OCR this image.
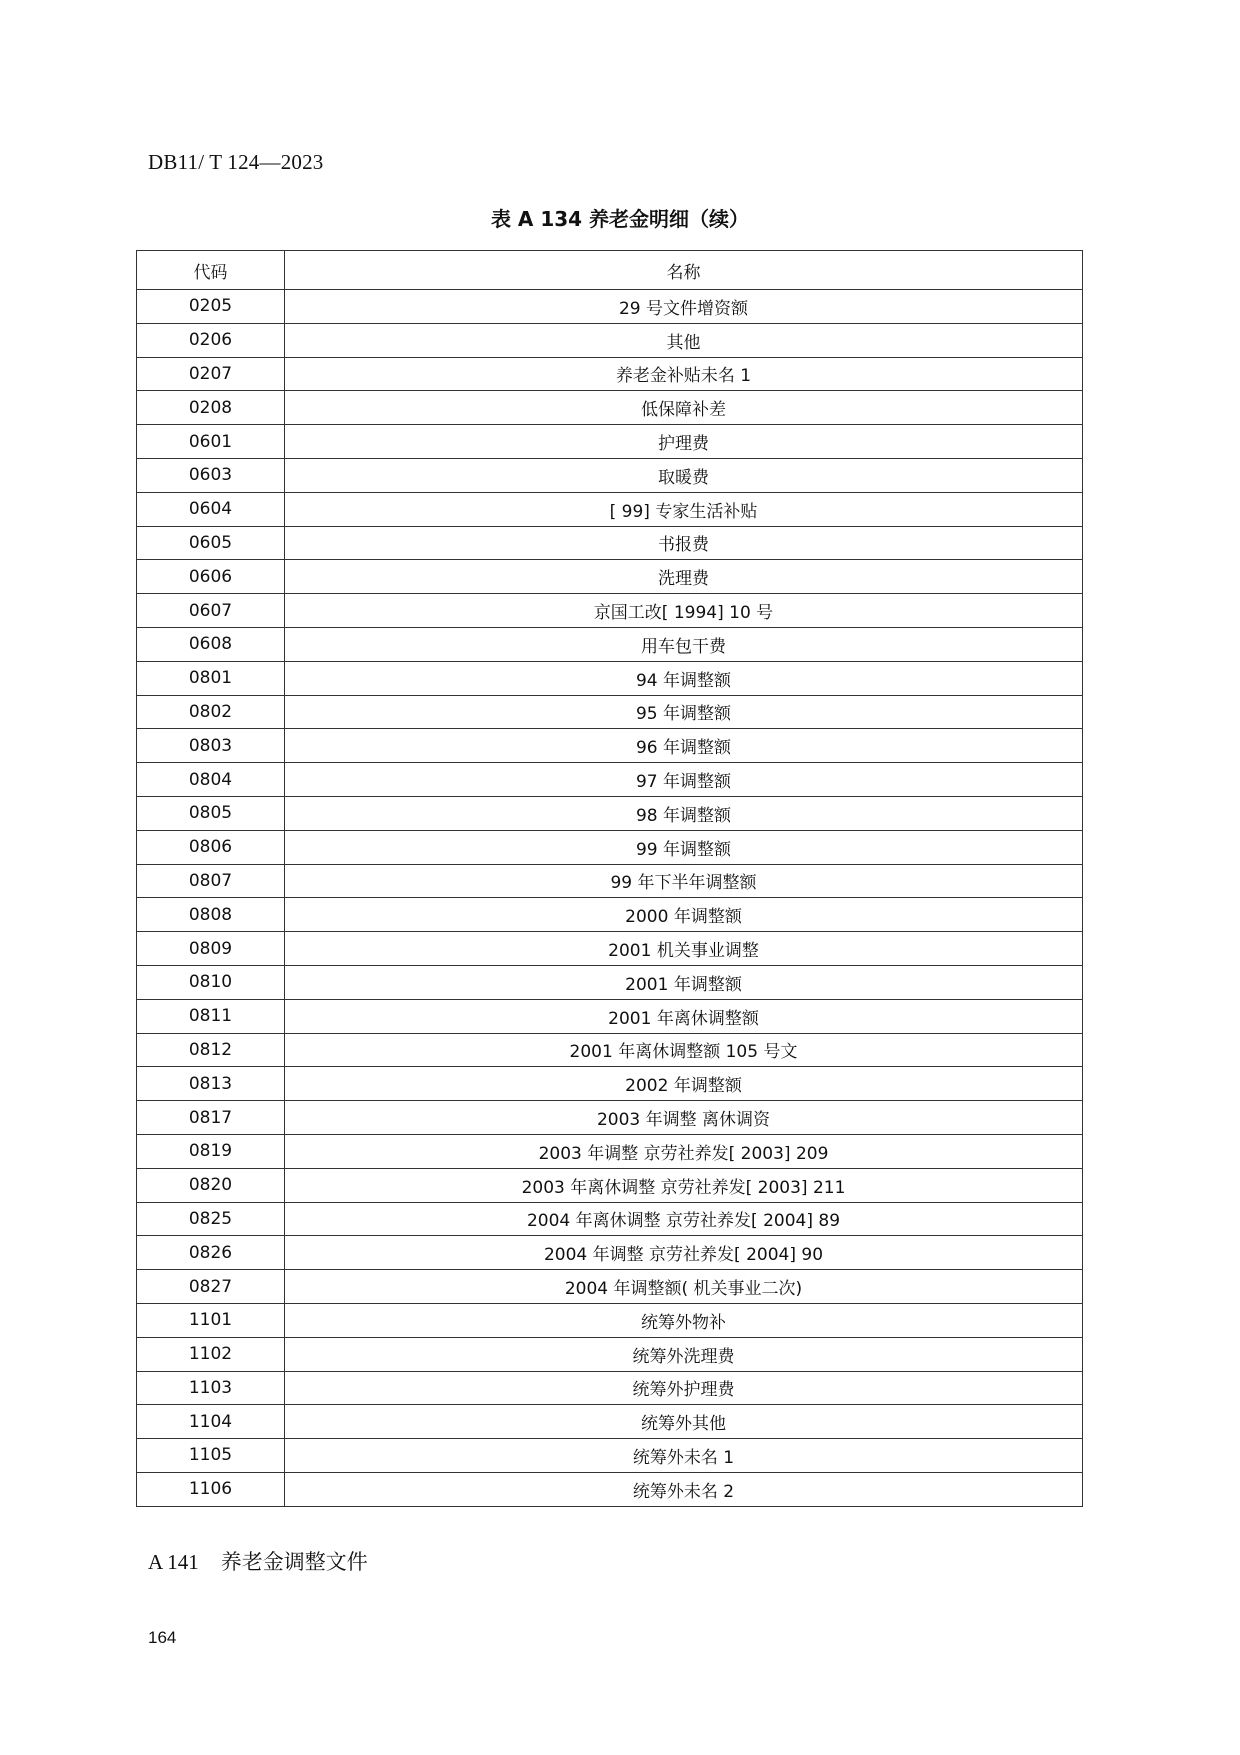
DB11/ T 124—2023
表 A 134 养老金明细（续）
代码	名称
0205	29 号文件增资额
0206	其他
0207	养老金补贴未名 1
0208	低保障补差
0601	护理费
0603	取暖费
0604	[ 99] 专家生活补贴
0605	书报费
0606	洗理费
0607	京国工改[ 1994] 10 号
0608	用车包干费
0801	94 年调整额
0802	95 年调整额
0803	96 年调整额
0804	97 年调整额
0805	98 年调整额
0806	99 年调整额
0807	99 年下半年调整额
0808	2000 年调整额
0809	2001 机关事业调整
0810	2001 年调整额
0811	2001 年离休调整额
0812	2001 年离休调整额 105 号文
0813	2002 年调整额
0817	2003 年调整 离休调资
0819	2003 年调整 京劳社养发[ 2003] 209
0820	2003 年离休调整 京劳社养发[ 2003] 211
0825	2004 年离休调整 京劳社养发[ 2004] 89
0826	2004 年调整 京劳社养发[ 2004] 90
0827	2004 年调整额( 机关事业二次)
1101	统筹外物补
1102	统筹外洗理费
1103	统筹外护理费
1104	统筹外其他
1105	统筹外未名 1
1106	统筹外未名 2
A 141 养老金调整文件
164
